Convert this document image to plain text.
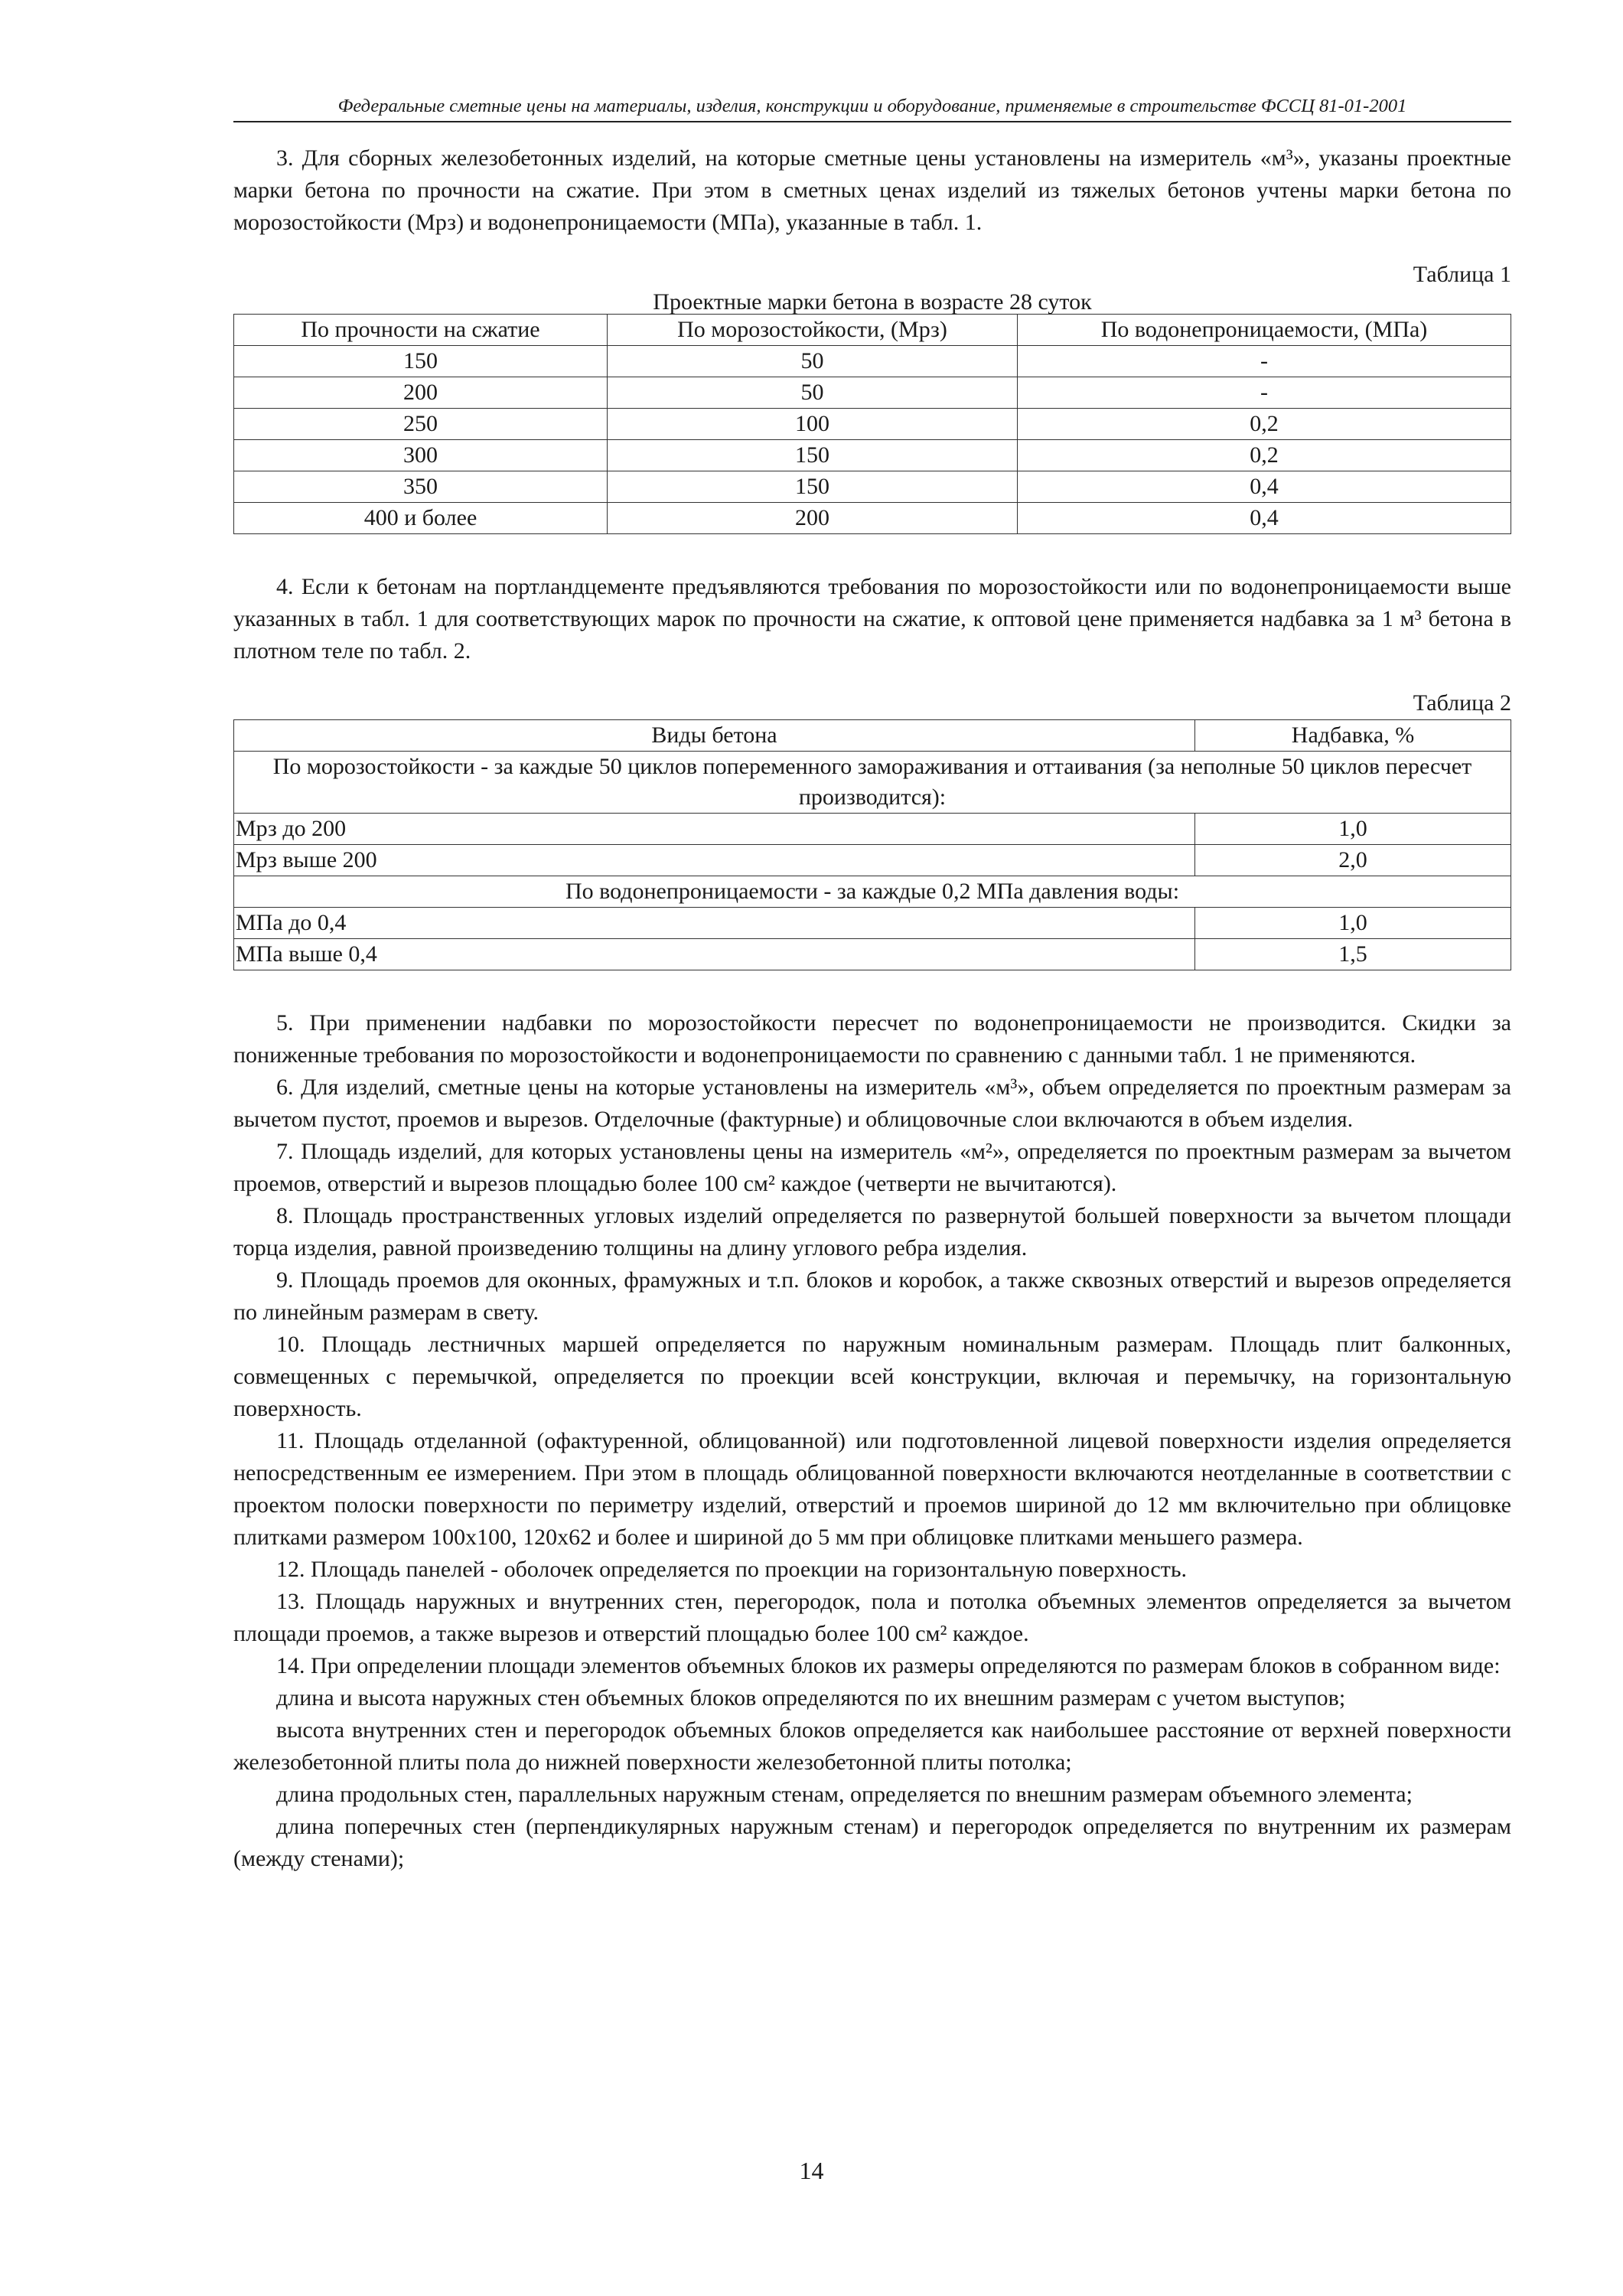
Федеральные сметные цены на материалы, изделия, конструкции и оборудование, применяемые в строительстве ФССЦ 81-01-2001

3. Для сборных железобетонных изделий, на которые сметные цены установлены на измеритель «м³», указаны проектные марки бетона по прочности на сжатие. При этом в сметных ценах изделий из тяжелых бетонов учтены марки бетона по морозостойкости (Мрз) и водонепроницаемости (МПа), указанные в табл. 1.

Таблица 1
Проектные марки бетона в возрасте 28 суток
По прочности на сжатие	По морозостойкости, (Мрз)	По водонепроницаемости, (МПа)
150	50	-
200	50	-
250	100	0,2
300	150	0,2
350	150	0,4
400 и более	200	0,4

4. Если к бетонам на портландцементе предъявляются требования по морозостойкости или по водонепроницаемости выше указанных в табл. 1 для соответствующих марок по прочности на сжатие, к оптовой цене применяется надбавка за 1 м³ бетона в плотном теле по табл. 2.

Таблица 2
Виды бетона	Надбавка, %
По морозостойкости - за каждые 50 циклов попеременного замораживания и оттаивания (за неполные 50 циклов пересчет производится):	
Мрз до 200	1,0
Мрз выше 200	2,0
По водонепроницаемости - за каждые 0,2 МПа давления воды:	
МПа до 0,4	1,0
МПа выше 0,4	1,5

5. При применении надбавки по морозостойкости пересчет по водонепроницаемости не производится. Скидки за пониженные требования по морозостойкости и водонепроницаемости по сравнению с данными табл. 1 не применяются.

6. Для изделий, сметные цены на которые установлены на измеритель «м³», объем определяется по проектным размерам за вычетом пустот, проемов и вырезов. Отделочные (фактурные) и облицовочные слои включаются в объем изделия.

7. Площадь изделий, для которых установлены цены на измеритель «м²», определяется по проектным размерам за вычетом проемов, отверстий и вырезов площадью более 100 см² каждое (четверти не вычитаются).

8. Площадь пространственных угловых изделий определяется по развернутой большей поверхности за вычетом площади торца изделия, равной произведению толщины на длину углового ребра изделия.

9. Площадь проемов для оконных, фрамужных и т.п. блоков и коробок, а также сквозных отверстий и вырезов определяется по линейным размерам в свету.

10. Площадь лестничных маршей определяется по наружным номинальным размерам. Площадь плит балконных, совмещенных с перемычкой, определяется по проекции всей конструкции, включая и перемычку, на горизонтальную поверхность.

11. Площадь отделанной (офактуренной, облицованной) или подготовленной лицевой поверхности изделия определяется непосредственным ее измерением. При этом в площадь облицованной поверхности включаются неотделанные в соответствии с проектом полоски поверхности по периметру изделий, отверстий и проемов шириной до 12 мм включительно при облицовке плитками размером 100х100, 120х62 и более и шириной до 5 мм при облицовке плитками меньшего размера.

12. Площадь панелей - оболочек определяется по проекции на горизонтальную поверхность.

13. Площадь наружных и внутренних стен, перегородок, пола и потолка объемных элементов определяется за вычетом площади проемов, а также вырезов и отверстий площадью более 100 см² каждое.

14. При определении площади элементов объемных блоков их размеры определяются по размерам блоков в собранном виде:

длина и высота наружных стен объемных блоков определяются по их внешним размерам с учетом выступов;

высота внутренних стен и перегородок объемных блоков определяется как наибольшее расстояние от верхней поверхности железобетонной плиты пола до нижней поверхности железобетонной плиты потолка;

длина продольных стен, параллельных наружным стенам, определяется по внешним размерам объемного элемента;

длина поперечных стен (перпендикулярных наружным стенам) и перегородок определяется по внутренним их размерам (между стенами);

14
